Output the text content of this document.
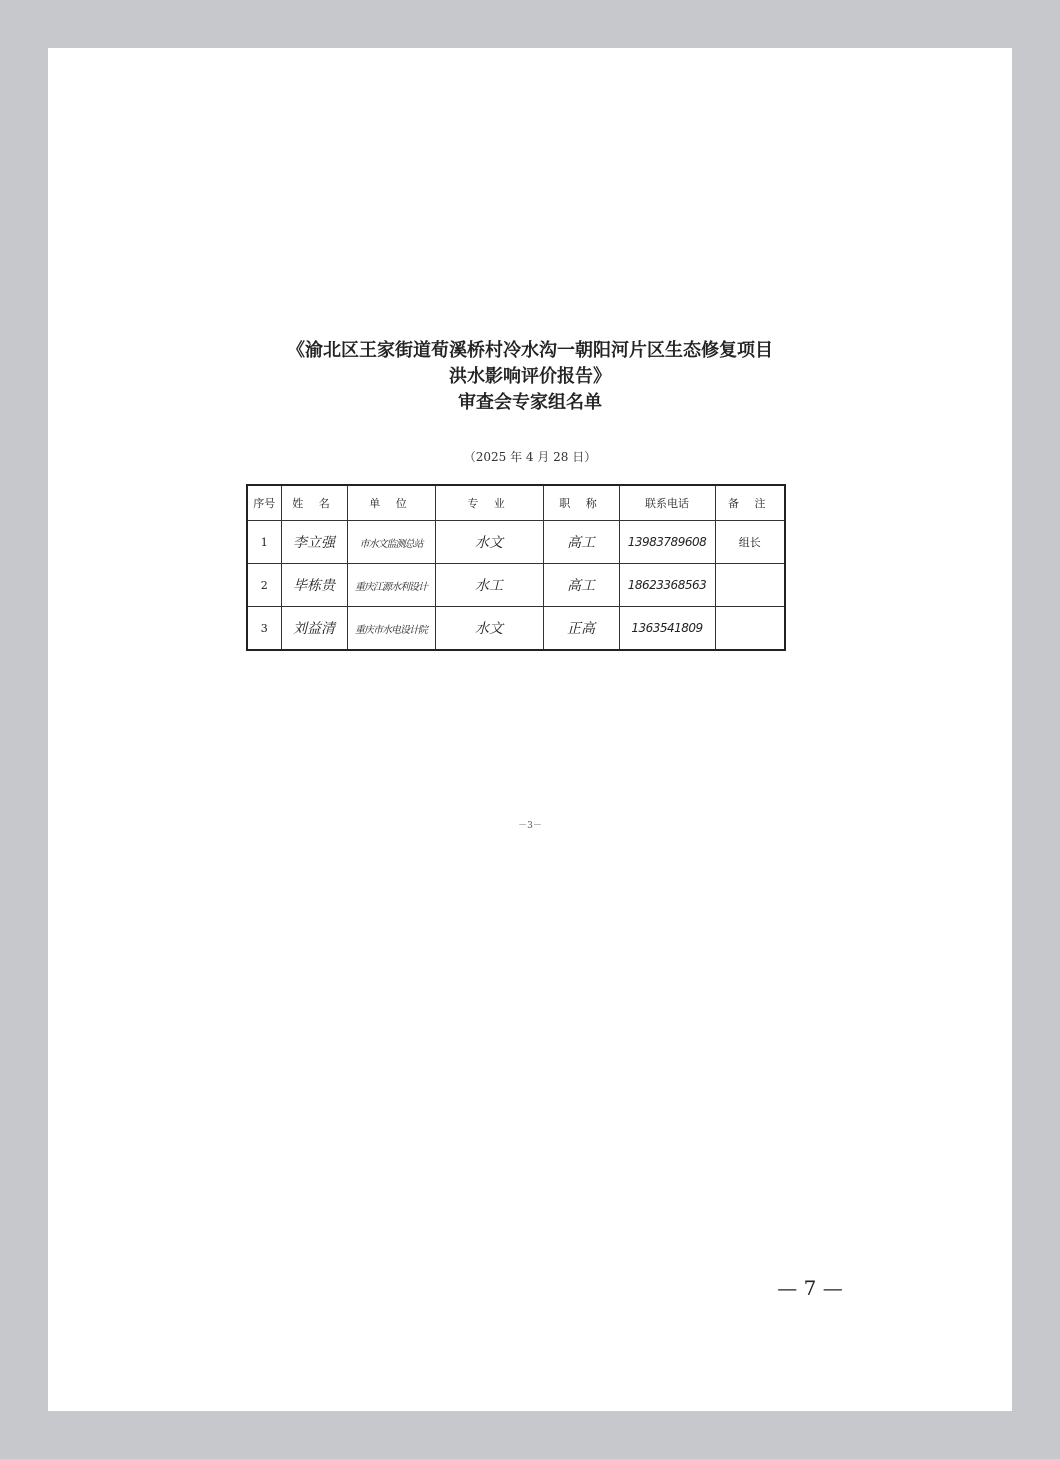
《渝北区王家街道荀溪桥村冷水沟一朝阳河片区生态修复项目
洪水影响评价报告》
审查会专家组名单
（2025 年 4 月 28 日）
序号	姓 名	单 位	专 业	职 称	联系电话	备 注
1	李立强	市水文监测总站	水文	高工	13983789608	组长
2	毕栋贵	重庆江源水利设计	水工	高工	18623368563	
3	刘益清	重庆市水电设计院	水文	正高	1363541809	
－3－
— 7 —
